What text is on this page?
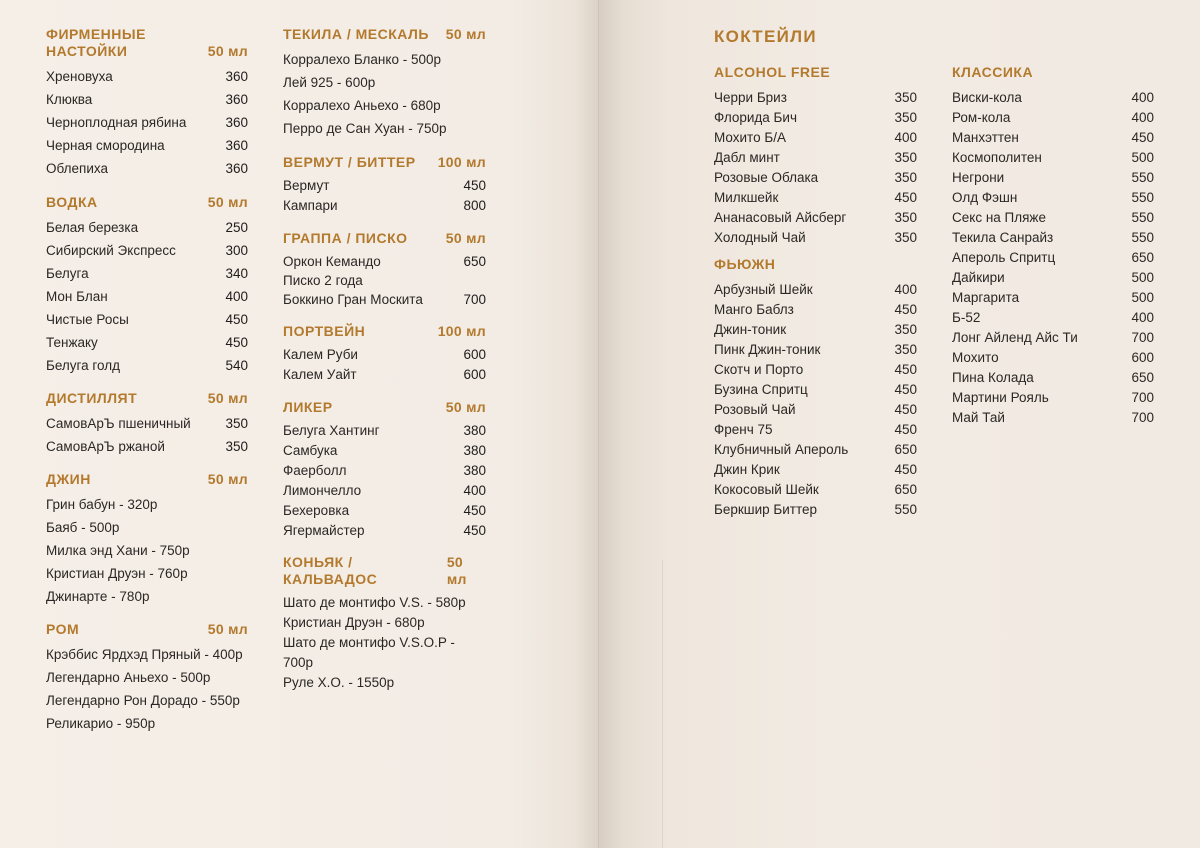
ФИРМЕННЫЕ
НАСТОЙКИ	50 мл
Хреновуха	360
Клюква	360
Черноплодная рябина	360
Черная смородина	360
Облепиха	360
ВОДКА	50 мл
Белая березка	250
Сибирский Экспресс	300
Белуга	340
Мон Блан	400
Чистые Росы	450
Тенжаку	450
Белуга голд	540
ДИСТИЛЛЯТ	50 мл
СамовАрЪ пшеничный	350
СамовАрЪ ржаной	350
ДЖИН	50 мл
Грин бабун - 320р
Баяб - 500р
Милка энд Хани - 750р
Кристиан Друэн - 760р
Джинарте - 780р
РОМ	50 мл
Крэббис Ярдхэд Пряный - 400р
Легендарно Аньехо - 500р
Легендарно Рон Дорадо - 550р
Реликарио - 950р
ТЕКИЛА / МЕСКАЛЬ 50 мл
Корралехо Бланко - 500р
Лей 925 - 600р
Корралехо Аньехо - 680р
Перро де Сан Хуан - 750р
ВЕРМУТ / БИТТЕР 100 мл
Вермут	450
Кампари	800
ГРАППА / ПИСКО	50 мл
Оркон Кемандо	650
Писко 2 года
Боккино Гран Москита	700
ПОРТВЕЙН	100 мл
Калем Руби	600
Калем Уайт	600
ЛИКЕР	50 мл
Белуга Хантинг	380
Самбука	380
Фаерболл	380
Лимончелло	400
Бехеровка	450
Ягермайстер	450
КОНЬЯК / КАЛЬВАДОС
50 мл
Шато де монтифо V.S. - 580р
Кристиан Друэн - 680р
Шато де монтифо V.S.O.P - 700р
Руле X.O. - 1550р
КОКТЕЙЛИ
ALCOHOL FREE
Черри Бриз	350
Флорида Бич	350
Мохито Б/А	400
Дабл минт	350
Розовые Облака	350
Милкшейк	450
Ананасовый Айсберг	350
Холодный Чай	350
ФЬЮЖН
Арбузный Шейк	400
Манго Баблз	450
Джин-тоник	350
Пинк Джин-тоник	350
Скотч и Порто	450
Бузина Спритц	450
Розовый Чай	450
Френч 75	450
Клубничный Апероль	650
Джин Крик	450
Кокосовый Шейк	650
Беркшир Биттер	550
КЛАССИКА
Виски-кола	400
Ром-кола	400
Манхэттен	450
Космополитен	500
Негрони	550
Олд Фэшн	550
Секс на Пляже	550
Текила Санрайз	550
Апероль Спритц	650
Дайкири	500
Маргарита	500
Б-52	400
Лонг Айленд Айс Ти	700
Мохито	600
Пина Колада	650
Мартини Рояль	700
Май Тай	700
